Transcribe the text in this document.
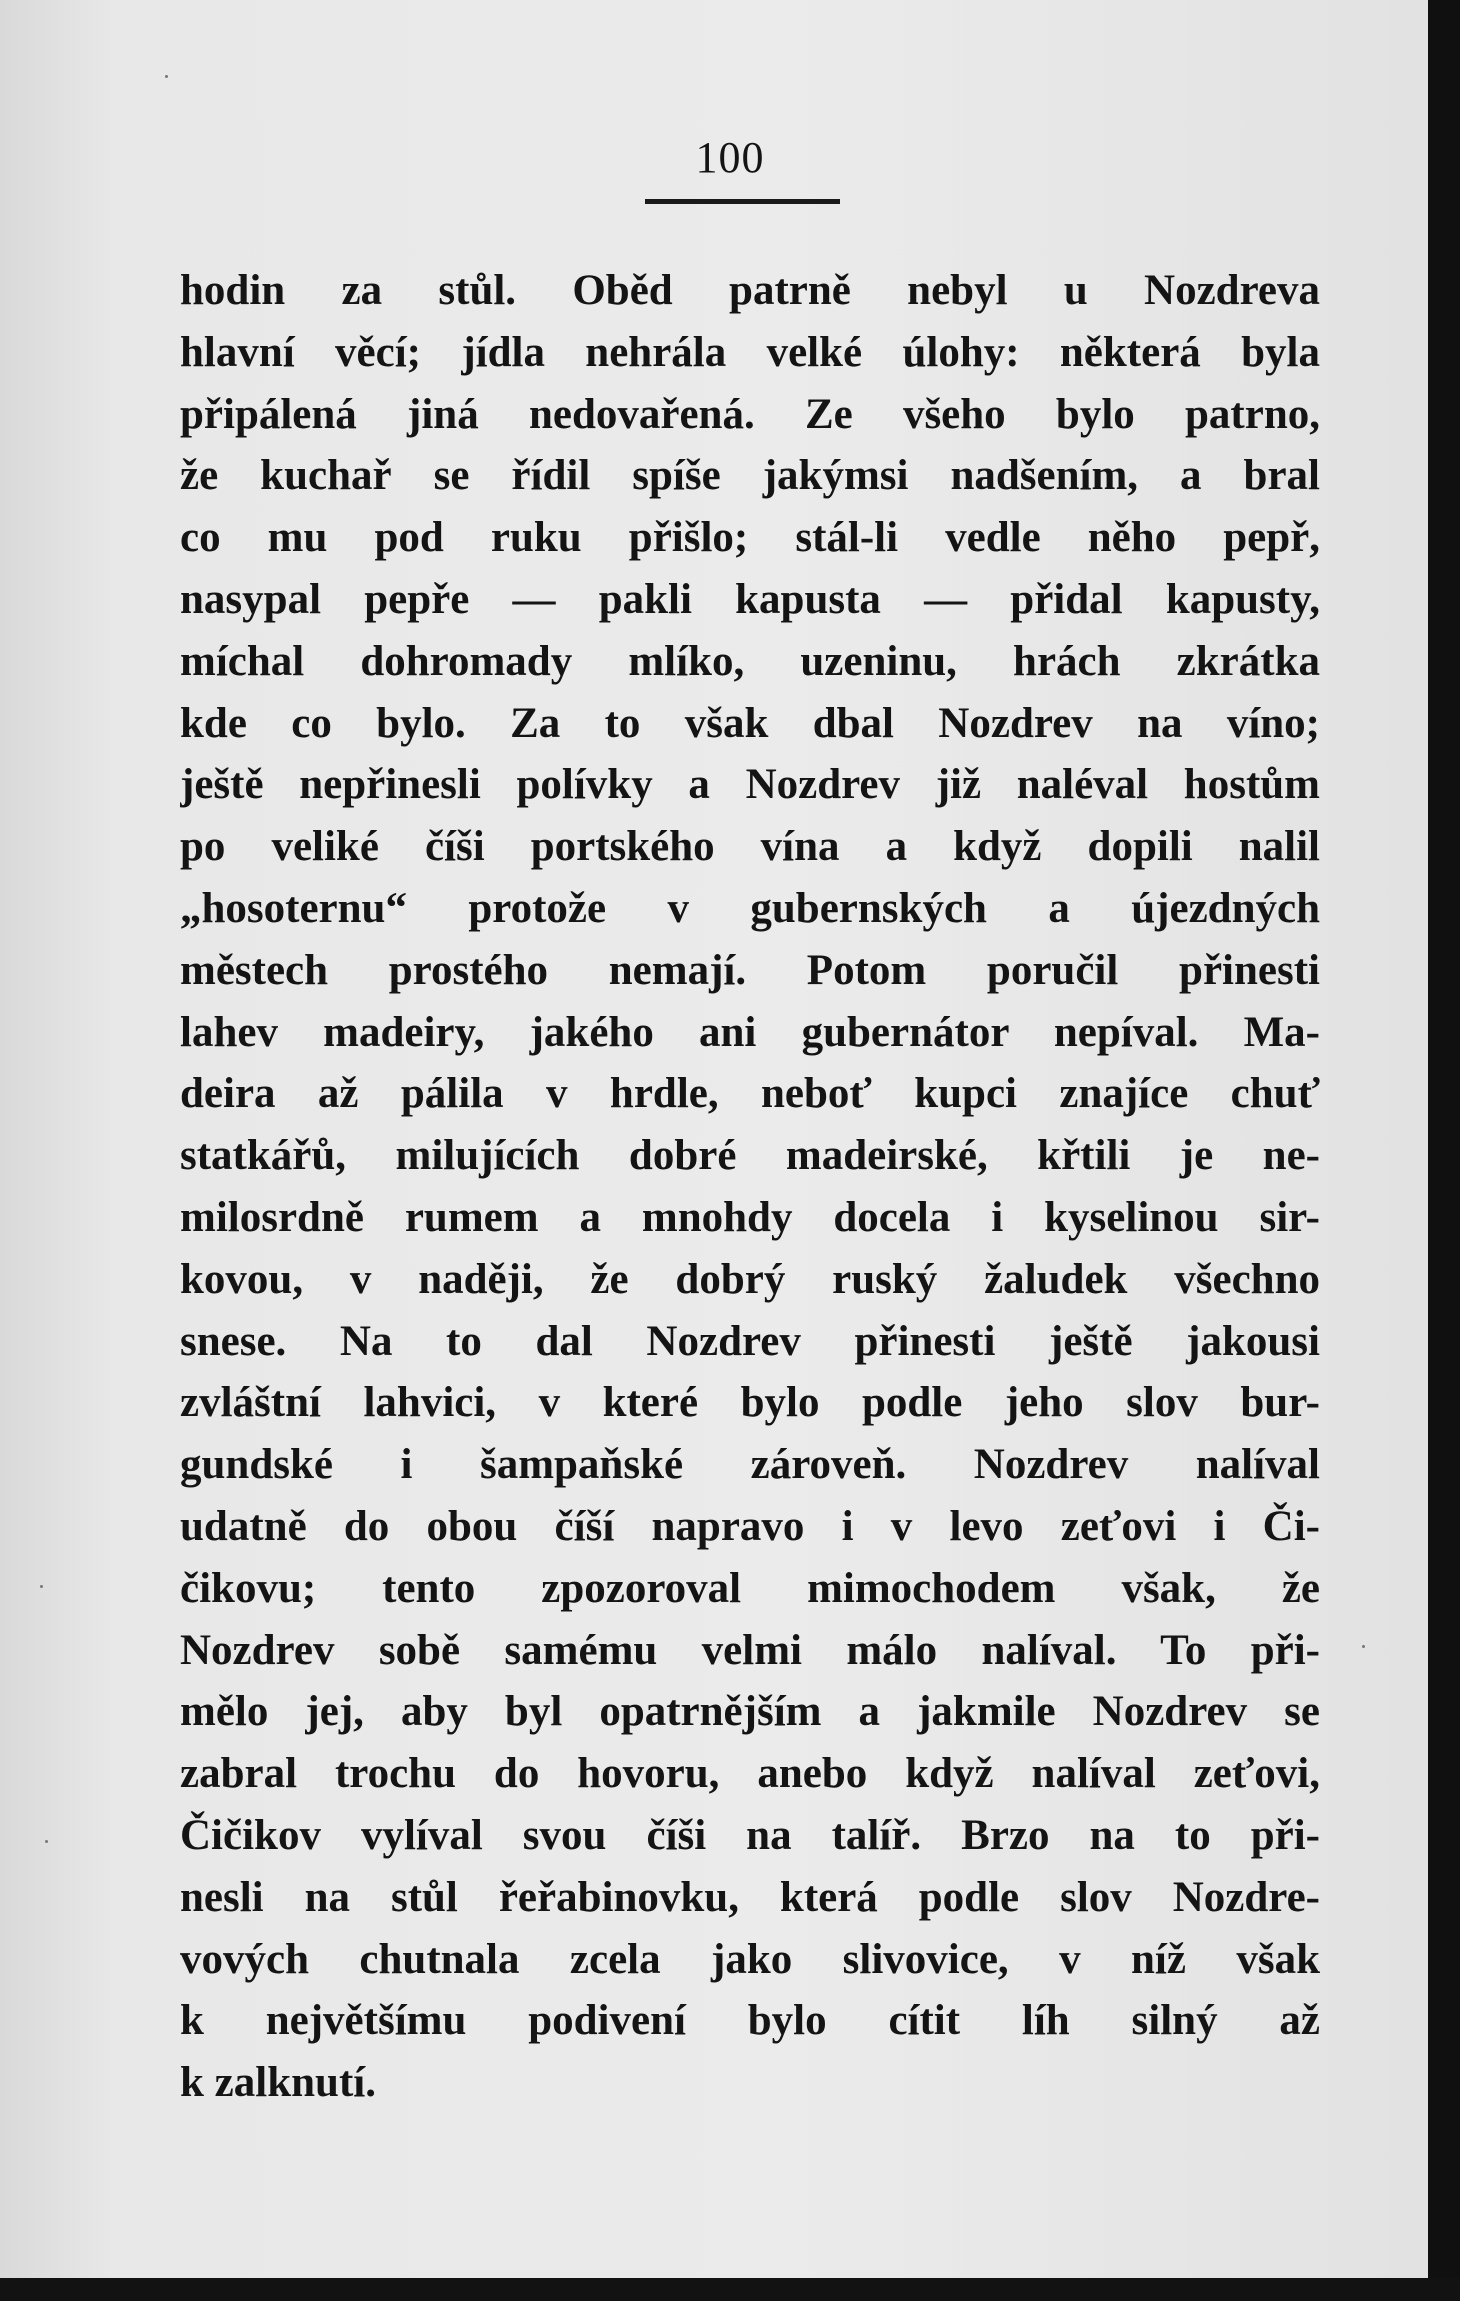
100
hodin za stůl. Oběd patrně nebyl u Nozdreva
hlavní věcí; jídla nehrála velké úlohy: některá byla
připálená jiná nedovařená. Ze všeho bylo patrno,
že kuchař se řídil spíše jakýmsi nadšením, a bral
co mu pod ruku přišlo; stál-li vedle něho pepř,
nasypal pepře — pakli kapusta — přidal kapusty,
míchal dohromady mlíko, uzeninu, hrách zkrátka
kde co bylo. Za to však dbal Nozdrev na víno;
ještě nepřinesli polívky a Nozdrev již naléval hostům
po veliké číši portského vína a když dopili nalil
„hosoternu“ protože v gubernských a újezdných
městech prostého nemají. Potom poručil přinesti
lahev madeiry, jakého ani gubernátor nepíval. Ma-
deira až pálila v hrdle, neboť kupci znajíce chuť
statkářů, milujících dobré madeirské, křtili je ne-
milosrdně rumem a mnohdy docela i kyselinou sir-
kovou, v naději, že dobrý ruský žaludek všechno
snese. Na to dal Nozdrev přinesti ještě jakousi
zvláštní lahvici, v které bylo podle jeho slov bur-
gundské i šampaňské zároveň. Nozdrev nalíval
udatně do obou číší napravo i v levo zeťovi i Či-
čikovu; tento zpozoroval mimochodem však, že
Nozdrev sobě samému velmi málo nalíval. To při-
mělo jej, aby byl opatrnějším a jakmile Nozdrev se
zabral trochu do hovoru, anebo když nalíval zeťovi,
Čičikov vylíval svou číši na talíř. Brzo na to při-
nesli na stůl řeřabinovku, která podle slov Nozdre-
vových chutnala zcela jako slivovice, v níž však
k největšímu podivení bylo cítit líh silný až
k zalknutí.
